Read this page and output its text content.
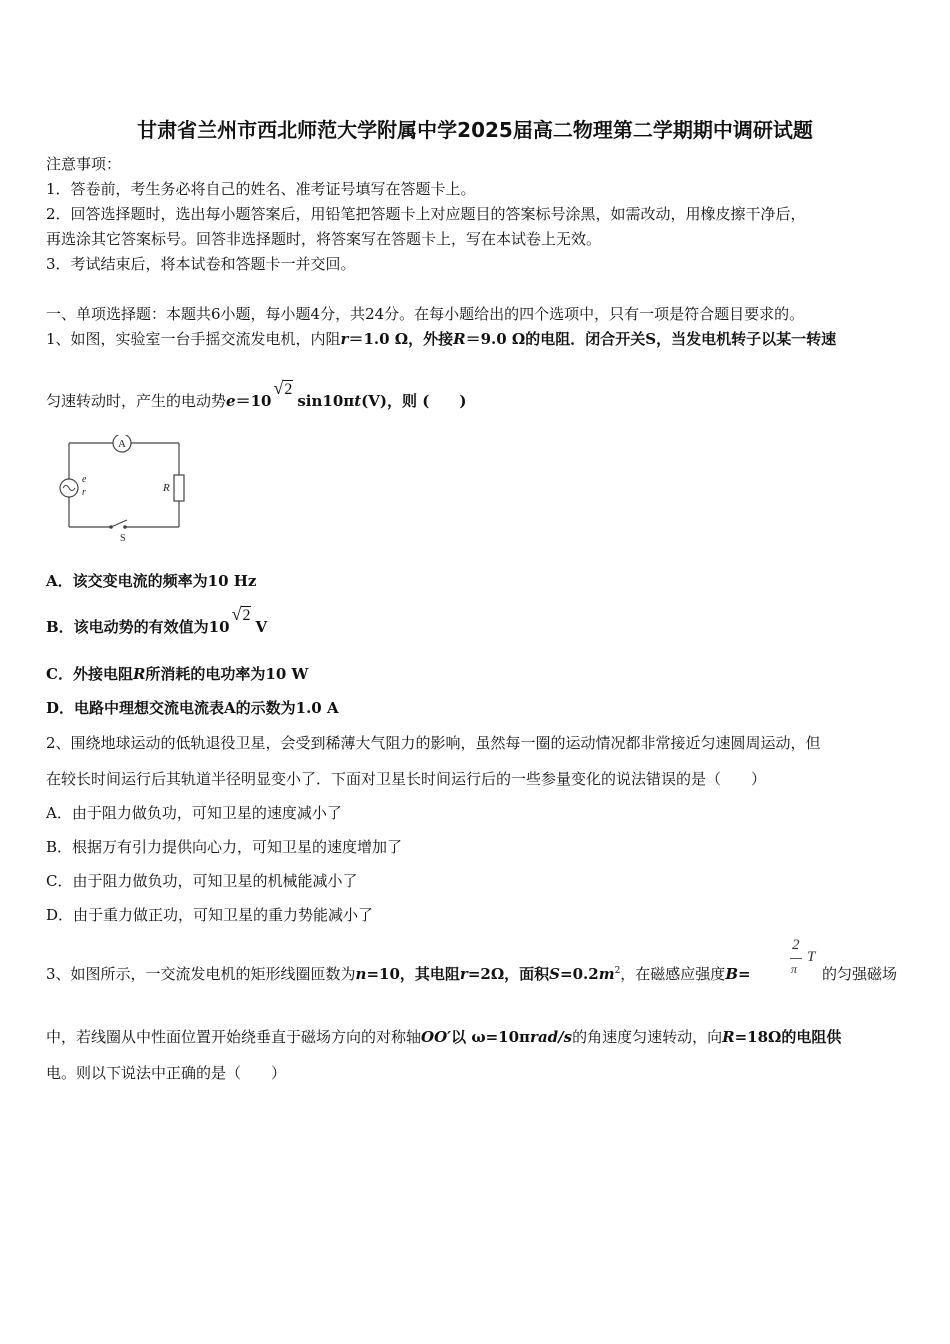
甘肃省兰州市西北师范大学附属中学2025届高二物理第二学期期中调研试题
注意事项：
1．答卷前，考生务必将自己的姓名、准考证号填写在答题卡上。
2．回答选择题时，选出每小题答案后，用铅笔把答题卡上对应题目的答案标号涂黑，如需改动，用橡皮擦干净后，
再选涂其它答案标号。回答非选择题时，将答案写在答题卡上，写在本试卷上无效。
3．考试结束后，将本试卷和答题卡一并交回。
一、单项选择题：本题共6小题，每小题4分，共24分。在每小题给出的四个选项中，只有一项是符合题目要求的。
1、如图，实验室一台手摇交流发电机，内阻r＝1.0 Ω，外接R＝9.0 Ω的电阻．闭合开关S，当发电机转子以某一转速
匀速转动时，产生的电动势e＝10√2sin10πt(V)，则 (　　)
A
R
e
r
S
A．该交变电流的频率为10 Hz
B．该电动势的有效值为10√2V
C．外接电阻R所消耗的电功率为10 W
D．电路中理想交流电流表A的示数为1.0 A
2、围绕地球运动的低轨退役卫星，会受到稀薄大气阻力的影响，虽然每一圈的运动情况都非常接近匀速圆周运动，但
在较长时间运行后其轨道半径明显变小了．下面对卫星长时间运行后的一些参量变化的说法错误的是（　　）
A．由于阻力做负功，可知卫星的速度减小了
B．根据万有引力提供向心力，可知卫星的速度增加了
C．由于阻力做负功，可知卫星的机械能减小了
D．由于重力做正功，可知卫星的重力势能减小了
3、如图所示，一交流发电机的矩形线圈匝数为n=10，其电阻r=2Ω，面积$S=0.2m^2$，在磁感应强度B=
2
π
T
的匀强磁场
中，若线圈从中性面位置开始绕垂直于磁场方向的对称轴OO′以 ω=10πrad/s的角速度匀速转动，向R=18Ω的电阻供
电。则以下说法中正确的是（　　）
